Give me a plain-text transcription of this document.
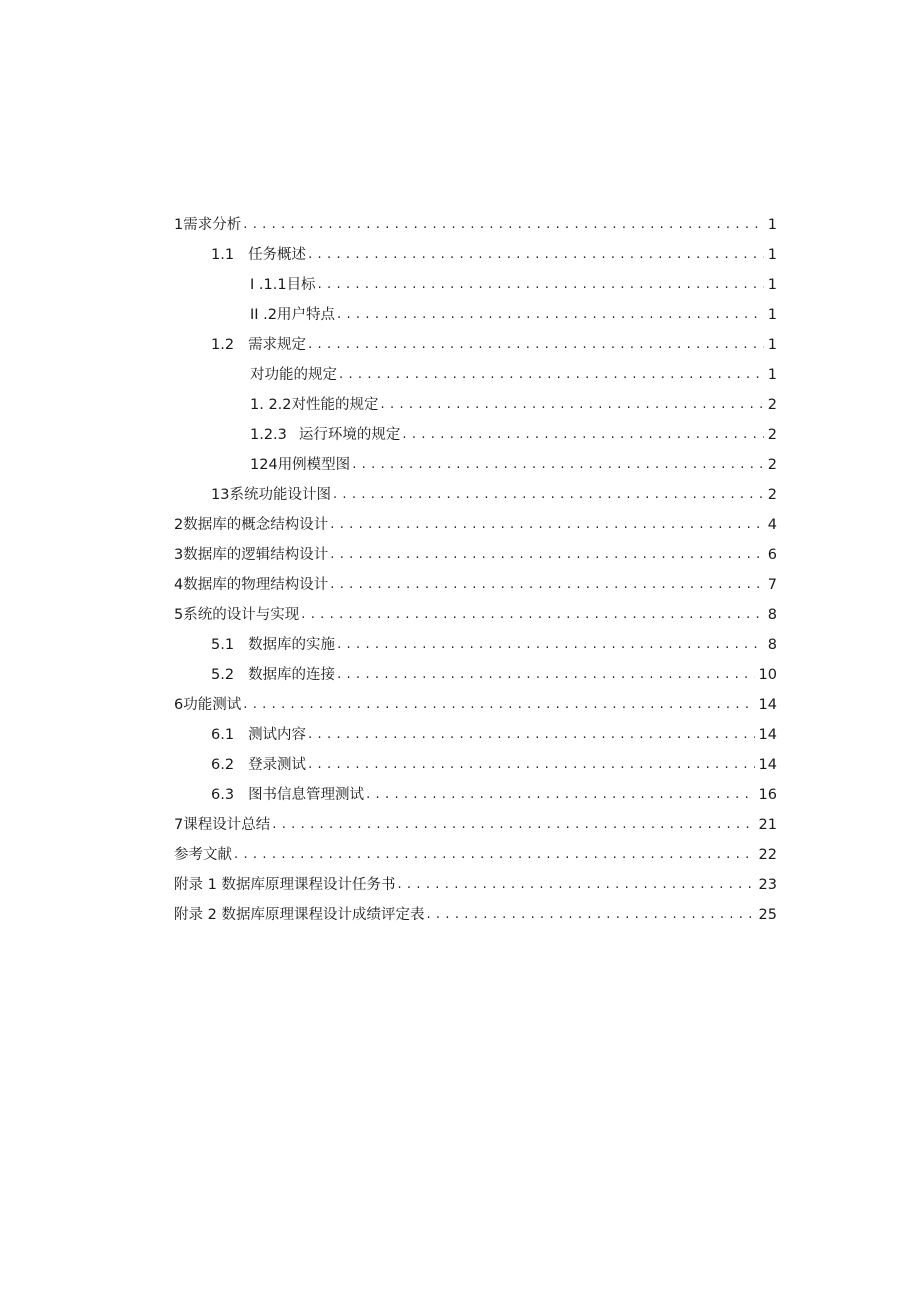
1 需求分析 . . .	1
1.1 任务概述 . . .	1
I .1.1 目标 . . .	1
II .2 用户特点 . . .	1
1.2 需求规定 . . .	1
对功能的规定 . . .	1
1. 2.2 对性能的规定 . . .	2
1.2.3 运行环境的规定 . . .	2
124 用例模型图 . . .	2
13 系统功能设计图 . . .	2
2 数据库的概念结构设计 . . .	4
3 数据库的逻辑结构设计 . . .	6
4 数据库的物理结构设计 . . .	7
5 系统的设计与实现 . . .	8
5.1 数据库的实施 . . .	8
5.2 数据库的连接 . . .	10
6 功能测试 . . .	14
6.1 测试内容 . . .	14
6.2 登录测试 . . .	14
6.3 图书信息管理测试 . . .	16
7 课程设计总结 . . .	21
参考文献 . . .	22
附录 1 数据库原理课程设计任务书 . . .	23
附录 2 数据库原理课程设计成绩评定表 . . .	25
